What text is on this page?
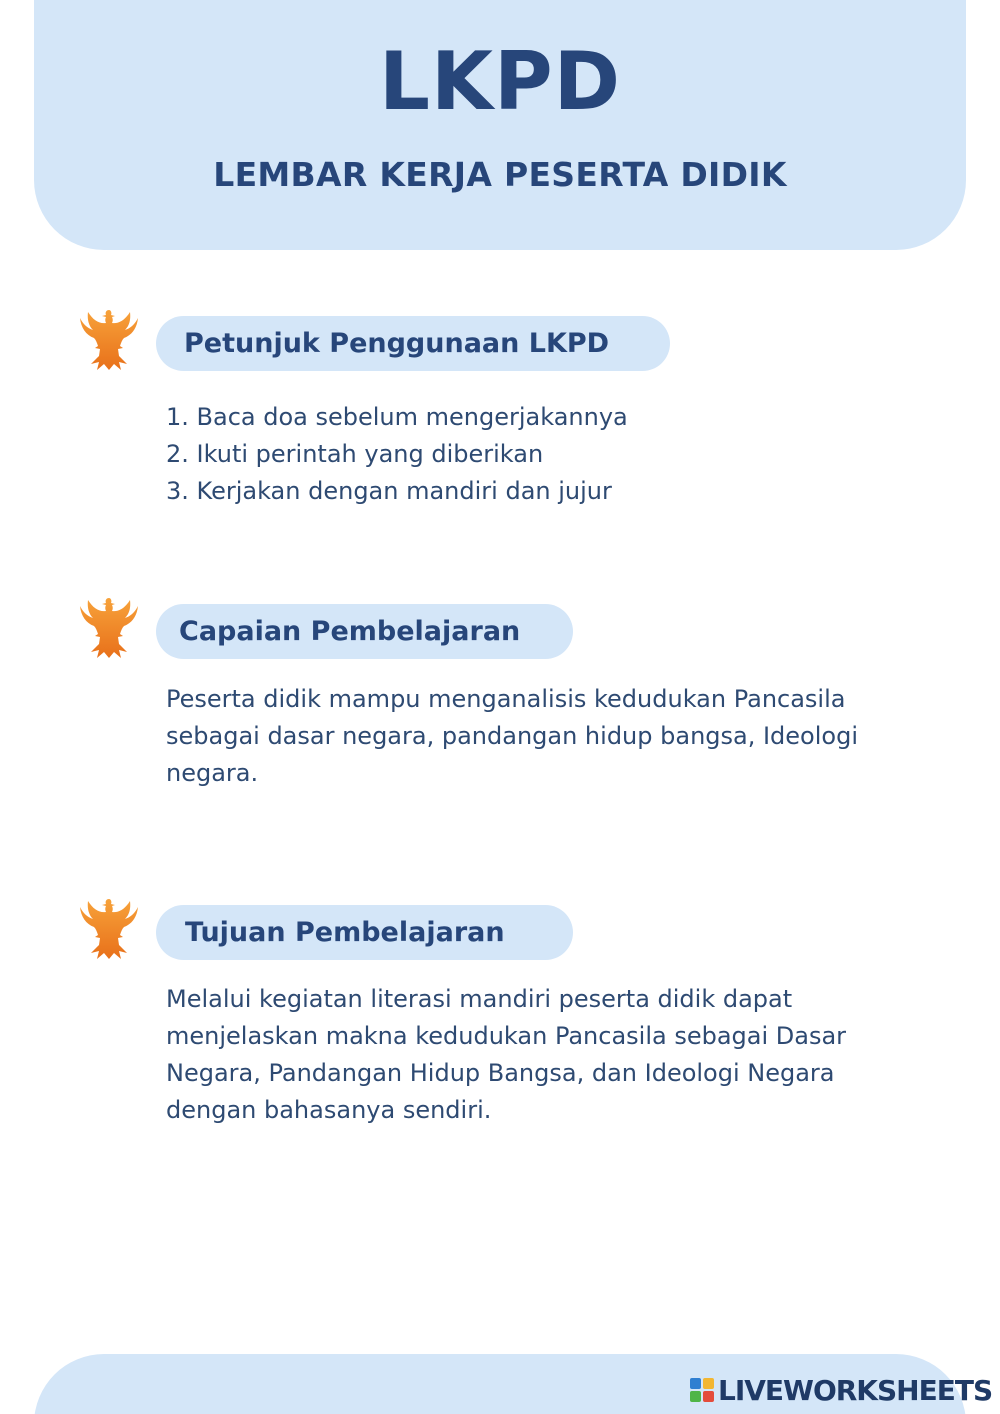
LKPD
LEMBAR KERJA PESERTA DIDIK
Petunjuk Penggunaan LKPD
1. Baca doa sebelum mengerjakannya
2. Ikuti perintah yang diberikan
3. Kerjakan dengan mandiri dan jujur
Capaian Pembelajaran
Peserta didik mampu menganalisis kedudukan Pancasila sebagai dasar negara, pandangan hidup bangsa, Ideologi negara.
Tujuan Pembelajaran
Melalui kegiatan literasi mandiri peserta didik dapat menjelaskan makna kedudukan Pancasila sebagai Dasar Negara, Pandangan Hidup Bangsa, dan Ideologi Negara dengan bahasanya sendiri.
LIVEWORKSHEETS
